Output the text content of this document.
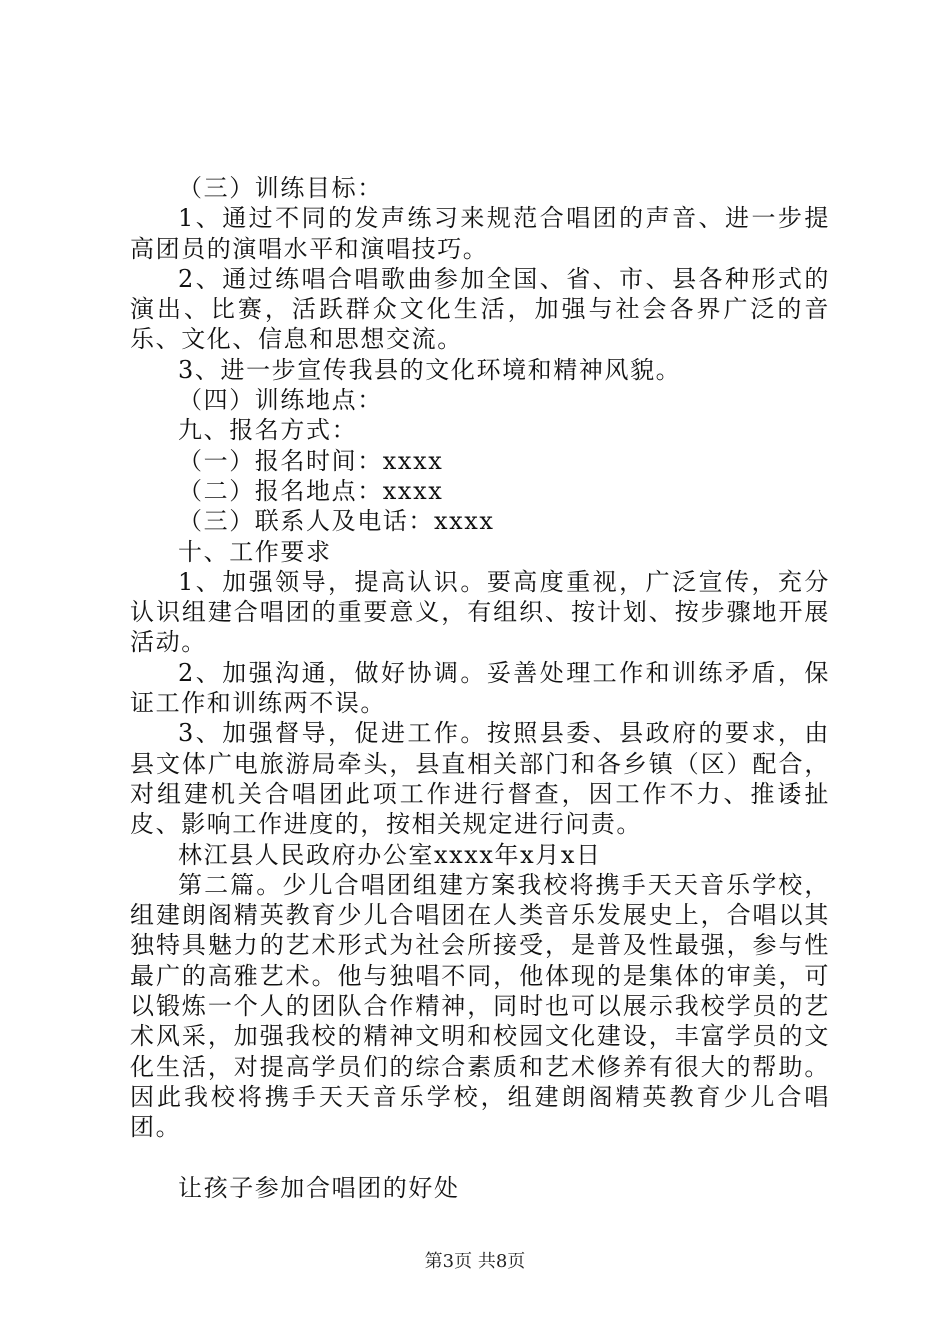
（三）训练目标：

1、通过不同的发声练习来规范合唱团的声音、进一步提高团员的演唱水平和演唱技巧。

2、通过练唱合唱歌曲参加全国、省、市、县各种形式的演出、比赛，活跃群众文化生活，加强与社会各界广泛的音乐、文化、信息和思想交流。

3、进一步宣传我县的文化环境和精神风貌。

（四）训练地点：

九、报名方式：

（一）报名时间：xxxx

（二）报名地点：xxxx

（三）联系人及电话：xxxx

十、工作要求

1、加强领导，提高认识。要高度重视，广泛宣传，充分认识组建合唱团的重要意义，有组织、按计划、按步骤地开展活动。

2、加强沟通，做好协调。妥善处理工作和训练矛盾，保证工作和训练两不误。

3、加强督导，促进工作。按照县委、县政府的要求，由县文体广电旅游局牵头，县直相关部门和各乡镇（区）配合，对组建机关合唱团此项工作进行督查，因工作不力、推诿扯皮、影响工作进度的，按相关规定进行问责。

林江县人民政府办公室xxxx年x月x日

第二篇。少儿合唱团组建方案我校将携手天天音乐学校，组建朗阁精英教育少儿合唱团在人类音乐发展史上，合唱以其独特具魅力的艺术形式为社会所接受，是普及性最强，参与性最广的高雅艺术。他与独唱不同，他体现的是集体的审美，可以锻炼一个人的团队合作精神，同时也可以展示我校学员的艺术风采，加强我校的精神文明和校园文化建设，丰富学员的文化生活，对提高学员们的综合素质和艺术修养有很大的帮助。因此我校将携手天天音乐学校，组建朗阁精英教育少儿合唱团。

让孩子参加合唱团的好处

第3页 共8页
